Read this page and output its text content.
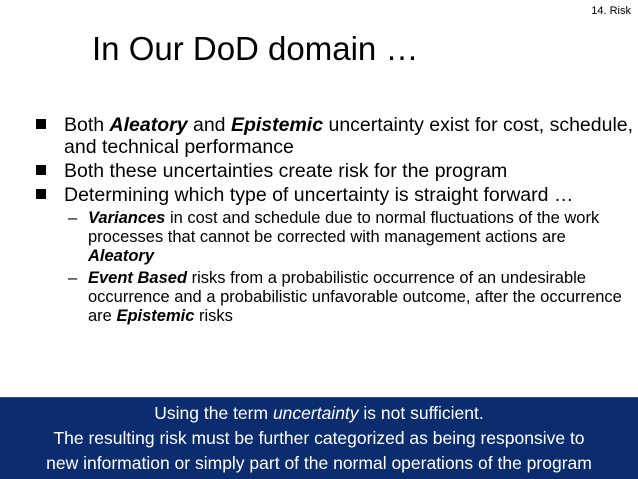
14. Risk
In Our DoD domain …
Both Aleatory and Epistemic uncertainty exist for cost, schedule, and technical performance
Both these uncertainties create risk for the program
Determining which type of uncertainty is straight forward …
– Variances in cost and schedule due to normal fluctuations of the work processes that cannot be corrected with management actions are Aleatory
– Event Based risks from a probabilistic occurrence of an undesirable occurrence and a probabilistic unfavorable outcome, after the occurrence are Epistemic risks
Using the term uncertainty is not sufficient.
The resulting risk must be further categorized as being responsive to
new information or simply part of the normal operations of the program
